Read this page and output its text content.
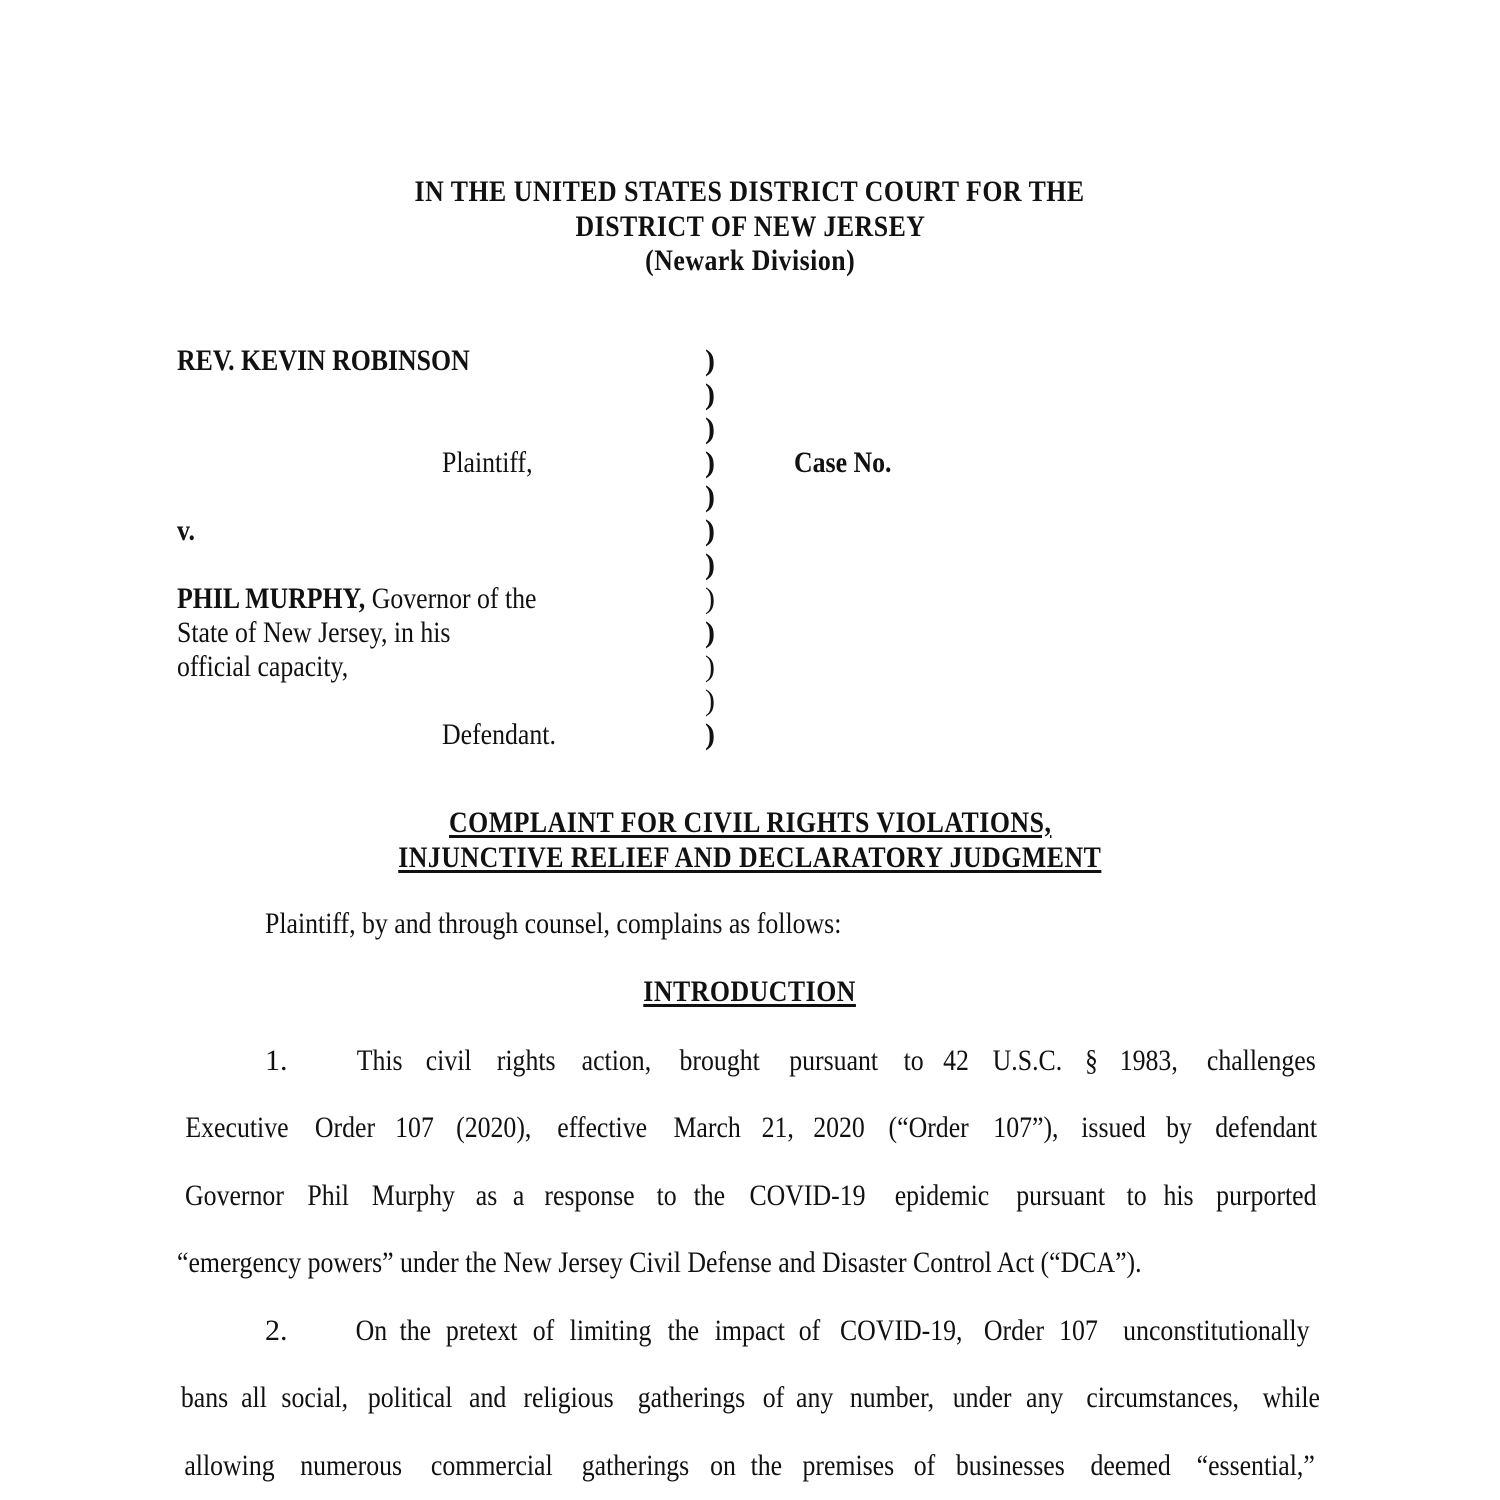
IN THE UNITED STATES DISTRICT COURT FOR THE
DISTRICT OF NEW JERSEY
(Newark Division)
REV. KEVIN ROBINSON
Plaintiff,
v.
PHIL MURPHY, Governor of the
State of New Jersey, in his
official capacity,
Defendant.
)
)
)
)
)
)
)
)
)
)
)
)
Case No.
COMPLAINT FOR CIVIL RIGHTS VIOLATIONS,
INJUNCTIVE RELIEF AND DECLARATORY JUDGMENT
Plaintiff, by and through counsel, complains as follows:
INTRODUCTION
1.	This civil rights action, brought pursuant to 42 U.S.C. § 1983, challenges
Executive Order 107 (2020), effective March 21, 2020 (“Order 107”), issued by defendant
Governor Phil Murphy as a response to the COVID-19 epidemic pursuant to his purported
“emergency powers” under the New Jersey Civil Defense and Disaster Control Act (“DCA”).
2.	On the pretext of limiting the impact of COVID-19, Order 107 unconstitutionally
bans all social, political and religious gatherings of any number, under any circumstances, while
allowing numerous commercial gatherings on the premises of businesses deemed “essential,”
